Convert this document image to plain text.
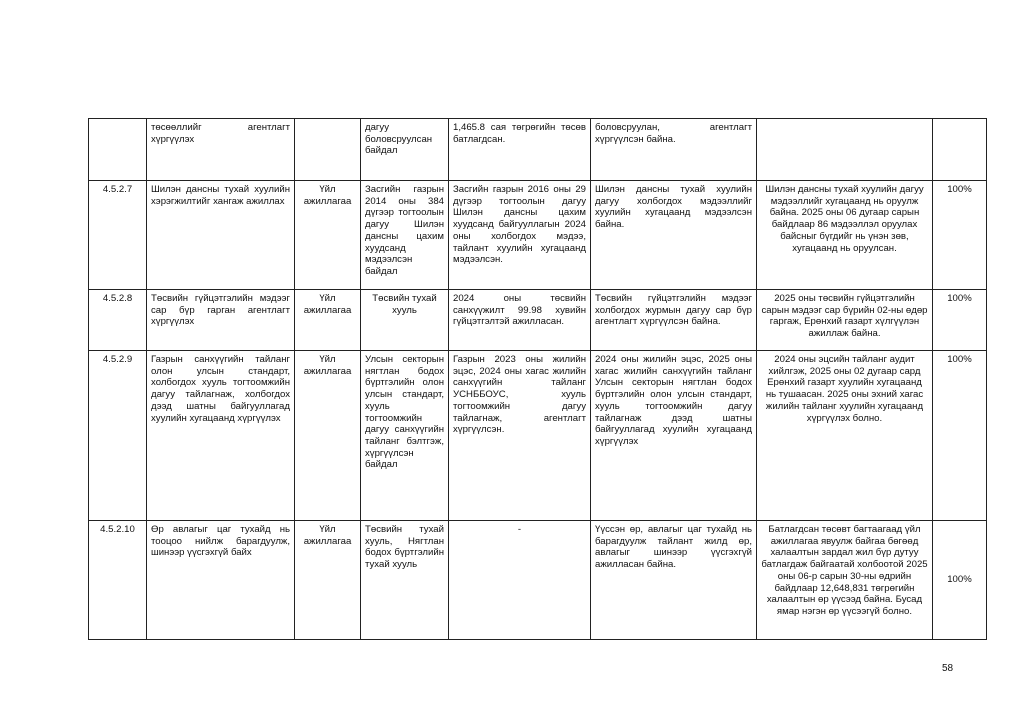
	төсөөллийг агентлагт хүргүүлэх		дагуу боловсруулсан байдал	1,465.8 сая төгрөгийн төсөв батлагдсан.	боловсруулан, агентлагт хүргүүлсэн байна.		
4.5.2.7	Шилэн дансны тухай хуулийн хэрэгжилтийг хангаж ажиллах	Үйл ажиллагаа	Засгийн газрын 2014 оны 384 дүгээр тогтоолын дагуу Шилэн дансны цахим хуудсанд мэдээлсэн байдал	Засгийн газрын 2016 оны 29 дүгээр тогтоолын дагуу Шилэн дансны цахим хуудсанд байгууллагын 2024 оны холбогдох мэдээ, тайлант хуулийн хугацаанд мэдээлсэн.	Шилэн дансны тухай хуулийн дагуу холбогдох мэдээллийг хуулийн хугацаанд мэдээлсэн байна.	Шилэн дансны тухай хуулийн дагуу мэдээллийг хугацаанд нь оруулж байна. 2025 оны 06 дугаар сарын байдлаар 86 мэдээллэл оруулах байсныг бүгдийг нь үнэн зөв, хугацаанд нь оруулсан.	100%
4.5.2.8	Төсвийн гүйцэтгэлийн мэдээг сар бүр гарган агентлагт хүргүүлэх	Үйл ажиллагаа	Төсвийн тухай хууль	2024 оны төсвийн санхүүжилт 99.98 хувийн гүйцэтгэлтэй ажилласан.	Төсвийн гүйцэтгэлийн мэдээг холбогдох журмын дагуу сар бүр агентлагт хүргүүлсэн байна.	2025 оны төсвийн гүйцэтгэлийн сарын мэдээг сар бүрийн 02-ны өдөр гаргаж, Ерөнхий газарт хүлгүүлэн ажиллаж байна.	100%
4.5.2.9	Газрын санхүүгийн тайланг олон улсын стандарт, холбогдох хууль тогтоомжийн дагуу тайлагнаж, холбогдох дээд шатны байгууллагад хуулийн хугацаанд хүргүүлэх	Үйл ажиллагаа	Улсын секторын нягтлан бодох бүртгэлийн олон улсын стандарт, хууль тогтоомжийн дагуу санхүүгийн тайланг бэлтгэж, хүргүүлсэн байдал	Газрын 2023 оны жилийн эцэс, 2024 оны хагас жилийн санхүүгийн тайланг УСНББОУС, хууль тогтоомжийн дагуу тайлагнаж, агентлагт хүргүүлсэн.	2024 оны жилийн эцэс, 2025 оны хагас жилийн санхүүгийн тайланг Улсын секторын нягтлан бодох бүртгэлийн олон улсын стандарт, хууль тогтоомжийн дагуу тайлагнаж дээд шатны байгууллагад хуулийн хугацаанд хүргүүлэх	2024 оны эцсийн тайланг аудит хийлгэж, 2025 оны 02 дугаар сард Ерөнхий газарт хуулийн хугацаанд нь тушаасан. 2025 оны эхний хагас жилийн тайланг хуулийн хугацаанд хүргүүлэх болно.	100%
4.5.2.10	Өр авлагыг цаг тухайд нь тооцоо нийлж барагдуулж, шинээр үүсгэхгүй байх	Үйл ажиллагаа	Төсвийн тухай хууль, Нягтлан бодох бүртгэлийн тухай хууль	-	Үүссэн өр, авлагыг цаг тухайд нь барагдуулж тайлант жилд өр, авлагыг шинээр үүсгэхгүй ажилласан байна.	Батлагдсан төсөвт багтаагаад үйл ажиллагаа явуулж байгаа бөгөөд халаалтын зардал жил бүр дутуу батлагдаж байгаатай холбоотой 2025 оны 06-р сарын 30-ны өдрийн байдлаар 12,648,831 төгрөгийн халаалтын өр үүсээд байна. Бусад ямар нэгэн өр үүсээгүй болно.	100%
58
